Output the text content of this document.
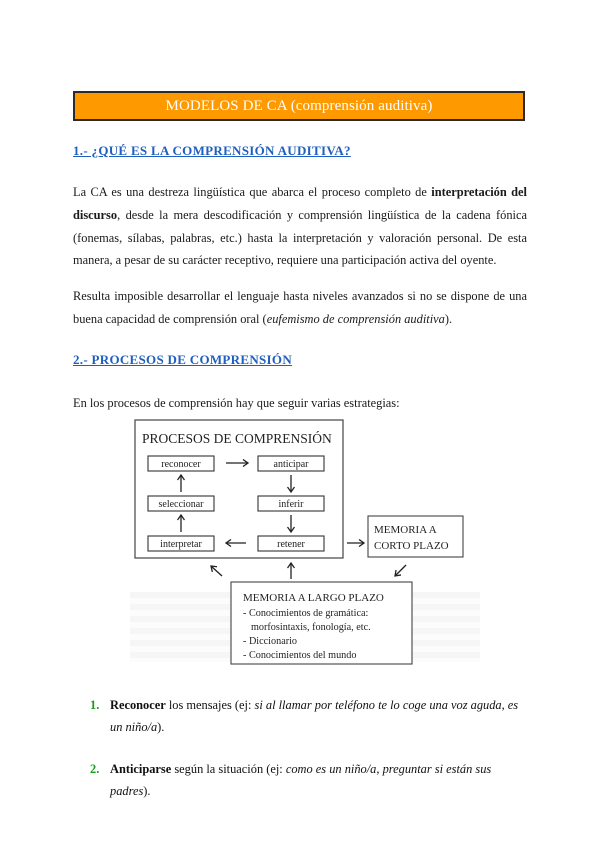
MODELOS DE CA (comprensión auditiva)
1.- ¿QUÉ ES LA COMPRENSIÓN AUDITIVA?
La CA es una destreza lingüística que abarca el proceso completo de interpretación del discurso, desde la mera descodificación y comprensión lingüística de la cadena fónica (fonemas, sílabas, palabras, etc.) hasta la interpretación y valoración personal. De esta manera, a pesar de su carácter receptivo, requiere una participación activa del oyente.
Resulta imposible desarrollar el lenguaje hasta niveles avanzados si no se dispone de una buena capacidad de comprensión oral (eufemismo de comprensión auditiva).
2.- PROCESOS DE COMPRENSIÓN
En los procesos de comprensión hay que seguir varias estrategias:
PROCESOS DE COMPRENSIÓN
reconocer	anticipar
seleccionar	inferir
interpretar	retener
MEMORIA A
CORTO PLAZO
MEMORIA A LARGO PLAZO
- Conocimientos de gramática:
morfosintaxis, fonología, etc.
- Diccionario
- Conocimientos del mundo
1. Reconocer los mensajes (ej: si al llamar por teléfono te lo coge una voz aguda, es un niño/a).
2. Anticiparse según la situación (ej: como es un niño/a, preguntar si están sus padres).
